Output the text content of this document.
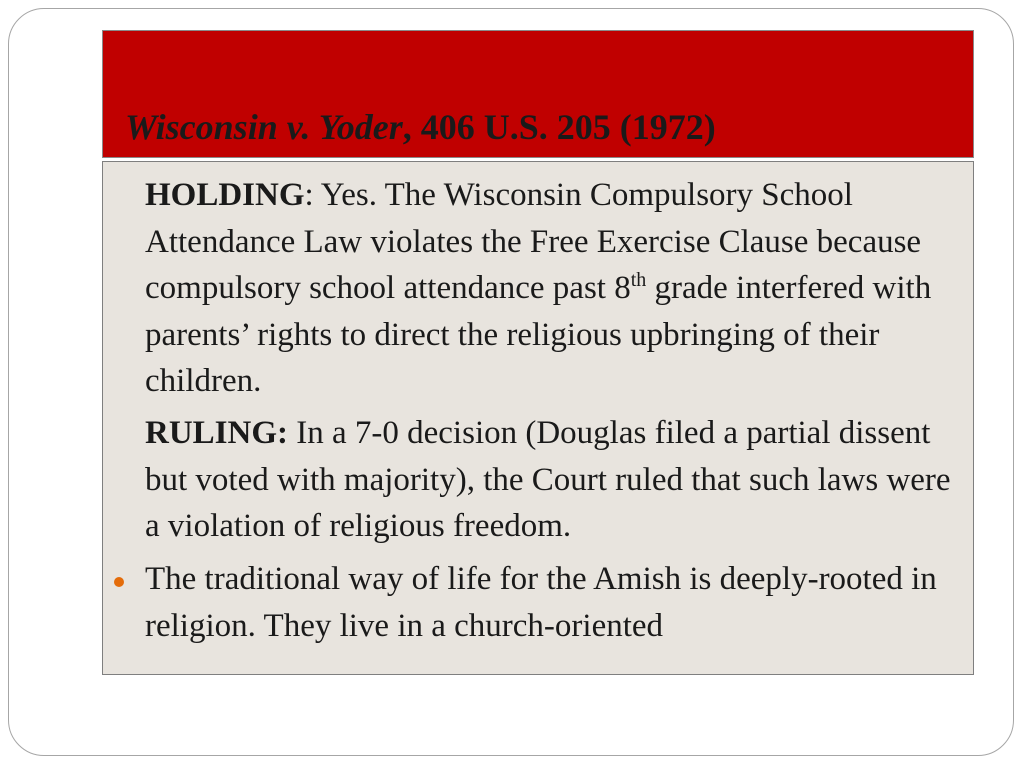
Wisconsin v. Yoder, 406 U.S. 205 (1972)

HOLDING: Yes. The Wisconsin Compulsory School Attendance Law violates the Free Exercise Clause because compulsory school attendance past 8th grade interfered with parents’ rights to direct the religious upbringing of their children.

RULING: In a 7-0 decision (Douglas filed a partial dissent but voted with majority), the Court ruled that such laws were a violation of religious freedom.

The traditional way of life for the Amish is deeply-rooted in religion. They live in a church-oriented
